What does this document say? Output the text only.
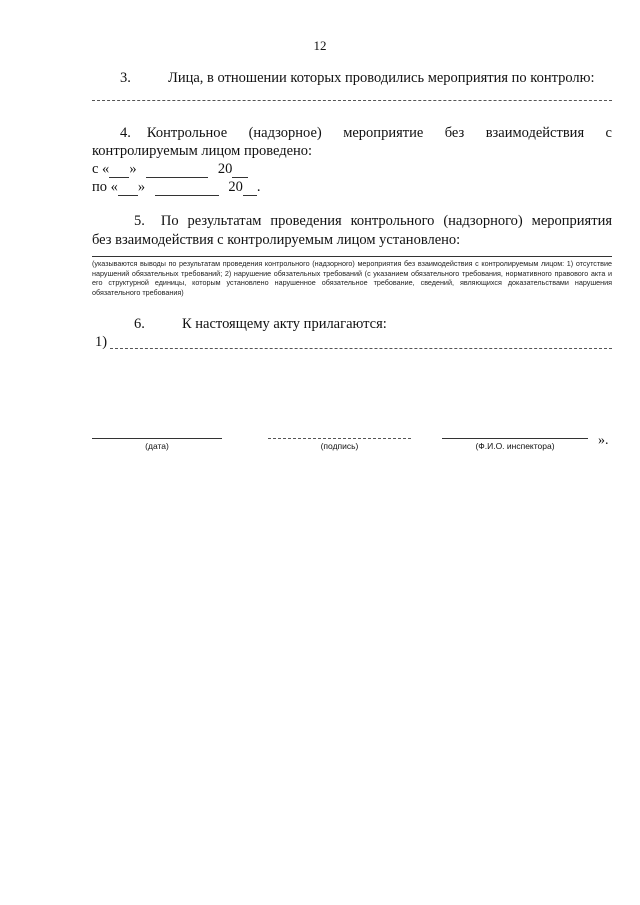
12
3.	Лица, в отношении которых проводились мероприятия по контролю:
4.	Контрольное (надзорное) мероприятие без взаимодействия с
контролируемым лицом проведено:
с « »	20
по « »	20 .
5.	По результатам проведения контрольного (надзорного) мероприятия
без взаимодействия с контролируемым лицом установлено:
(указываются выводы по результатам проведения контрольного (надзорного) мероприятия без взаимодействия с контролируемым лицом: 1) отсутствие нарушений обязательных требований; 2) нарушение обязательных требований (с указанием обязательного требования, нормативного правового акта и его структурной единицы, которым установлено нарушенное обязательное требование, сведений, являющихся доказательствами нарушения обязательного требования)
6.	К настоящему акту прилагаются:
1)
».
(дата)	(подпись)	(Ф.И.О. инспектора)
